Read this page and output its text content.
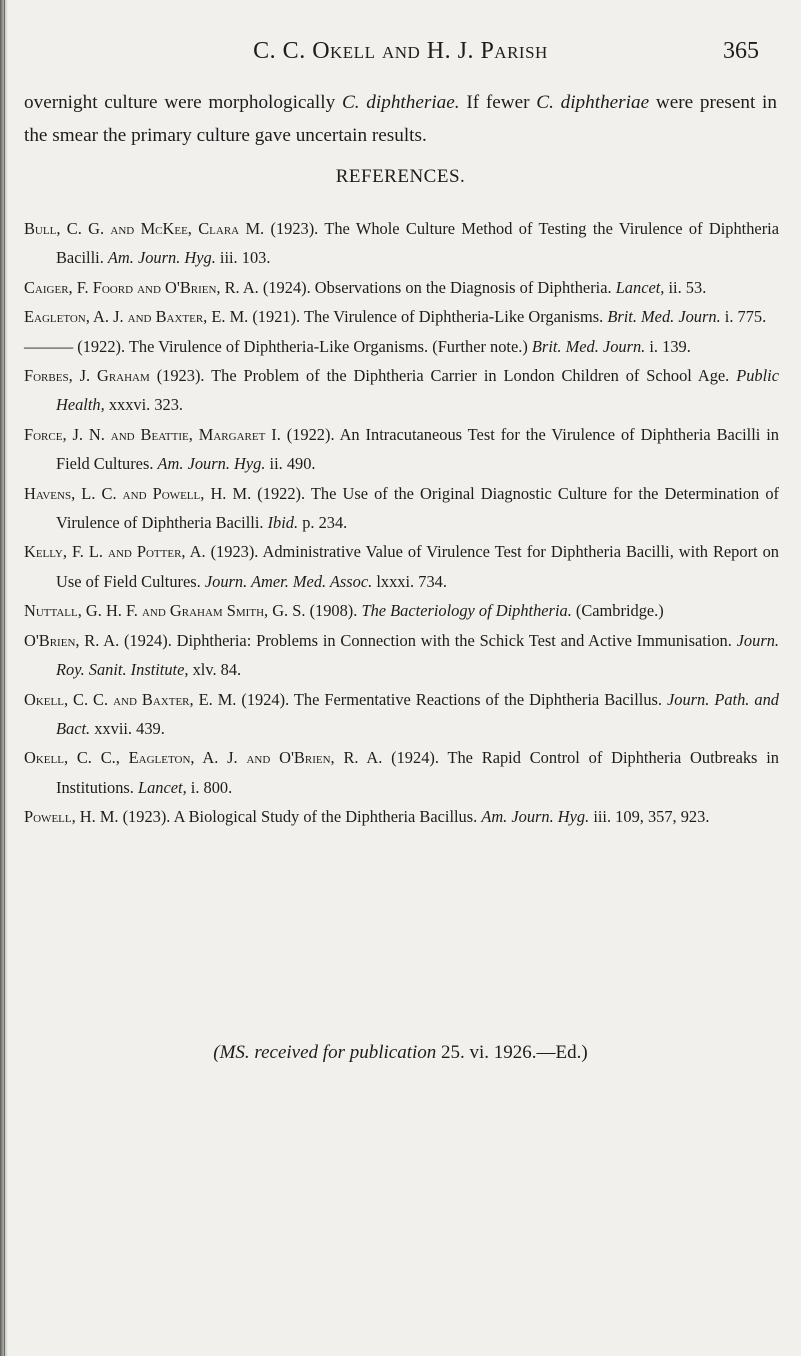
C. C. Okell and H. J. Parish	365

overnight culture were morphologically C. diphtheriae. If fewer C. diphtheriae were present in the smear the primary culture gave uncertain results.

REFERENCES.
Bull, C. G. and McKee, Clara M. (1923). The Whole Culture Method of Testing the Virulence of Diphtheria Bacilli. Am. Journ. Hyg. iii. 103.
Caiger, F. Foord and O'Brien, R. A. (1924). Observations on the Diagnosis of Diphtheria. Lancet, ii. 53.
Eagleton, A. J. and Baxter, E. M. (1921). The Virulence of Diphtheria-Like Organisms. Brit. Med. Journ. i. 775.
——— (1922). The Virulence of Diphtheria-Like Organisms. (Further note.) Brit. Med. Journ. i. 139.
Forbes, J. Graham (1923). The Problem of the Diphtheria Carrier in London Children of School Age. Public Health, xxxvi. 323.
Force, J. N. and Beattie, Margaret I. (1922). An Intracutaneous Test for the Virulence of Diphtheria Bacilli in Field Cultures. Am. Journ. Hyg. ii. 490.
Havens, L. C. and Powell, H. M. (1922). The Use of the Original Diagnostic Culture for the Determination of Virulence of Diphtheria Bacilli. Ibid. p. 234.
Kelly, F. L. and Potter, A. (1923). Administrative Value of Virulence Test for Diphtheria Bacilli, with Report on Use of Field Cultures. Journ. Amer. Med. Assoc. lxxxi. 734.
Nuttall, G. H. F. and Graham Smith, G. S. (1908). The Bacteriology of Diphtheria. (Cambridge.)
O'Brien, R. A. (1924). Diphtheria: Problems in Connection with the Schick Test and Active Immunisation. Journ. Roy. Sanit. Institute, xlv. 84.
Okell, C. C. and Baxter, E. M. (1924). The Fermentative Reactions of the Diphtheria Bacillus. Journ. Path. and Bact. xxvii. 439.
Okell, C. C., Eagleton, A. J. and O'Brien, R. A. (1924). The Rapid Control of Diphtheria Outbreaks in Institutions. Lancet, i. 800.
Powell, H. M. (1923). A Biological Study of the Diphtheria Bacillus. Am. Journ. Hyg. iii. 109, 357, 923.
(MS. received for publication 25. vi. 1926.—Ed.)
